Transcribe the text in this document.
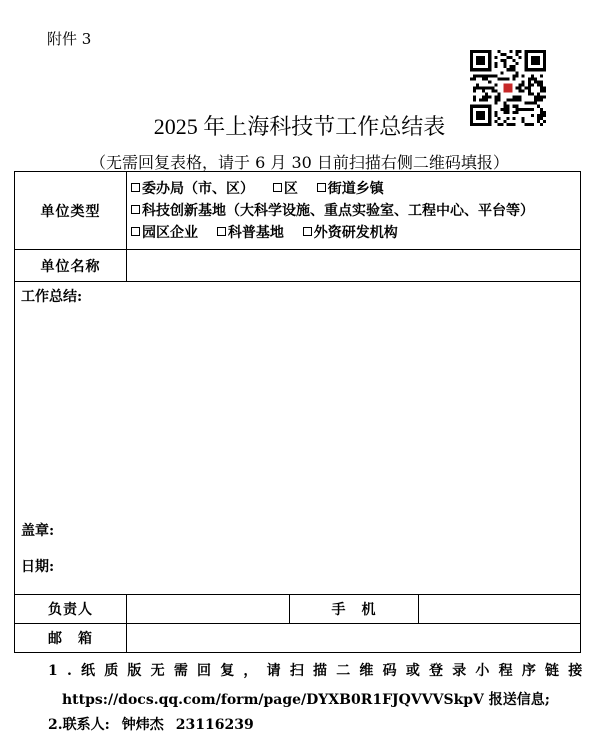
附件 3
2025 年上海科技节工作总结表
（无需回复表格，请于 6 月 30 日前扫描右侧二维码填报）
单位类型	委办局（市、区） 区 街道乡镇
科技创新基地（大科学设施、重点实验室、工程中心、平台等）
园区企业 科普基地 外资研发机构		

单位名称			

工作总结:
盖章:
日期:			

负责人		手　机	
邮　箱			
1.纸质版无需回复，请扫描二维码或登录小程序链接
https://docs.qq.com/form/page/DYXB0R1FJQVVVSkpV 报送信息;
2.联系人: 钟炜杰 23116239
